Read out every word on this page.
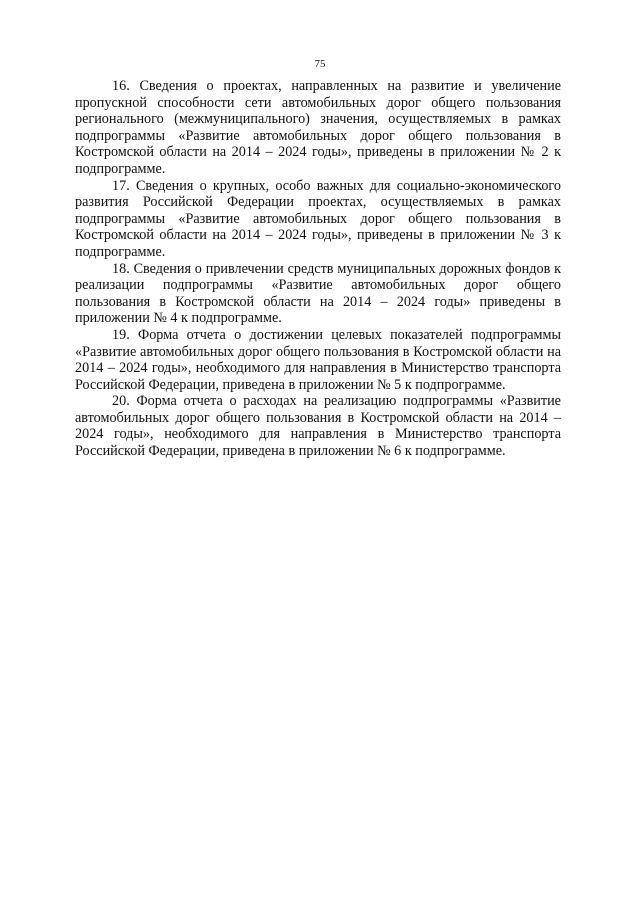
75

16. Сведения о проектах, направленных на развитие и увеличение пропускной способности сети автомобильных дорог общего пользования регионального (межмуниципального) значения, осуществляемых в рамках подпрограммы «Развитие автомобильных дорог общего пользования в Костромской области на 2014 – 2024 годы», приведены в приложении № 2 к подпрограмме.

17. Сведения о крупных, особо важных для социально-экономического развития Российской Федерации проектах, осуществляемых в рамках подпрограммы «Развитие автомобильных дорог общего пользования в Костромской области на 2014 – 2024 годы», приведены в приложении № 3 к подпрограмме.

18. Сведения о привлечении средств муниципальных дорожных фондов к реализации подпрограммы «Развитие автомобильных дорог общего пользования в Костромской области на 2014 – 2024 годы» приведены в приложении № 4 к подпрограмме.

19. Форма отчета о достижении целевых показателей подпрограммы «Развитие автомобильных дорог общего пользования в Костромской области на 2014 – 2024 годы», необходимого для направления в Министерство транспорта Российской Федерации, приведена в приложении № 5 к подпрограмме.

20. Форма отчета о расходах на реализацию подпрограммы «Развитие автомобильных дорог общего пользования в Костромской области на 2014 – 2024 годы», необходимого для направления в Министерство транспорта Российской Федерации, приведена в приложении № 6 к подпрограмме.
